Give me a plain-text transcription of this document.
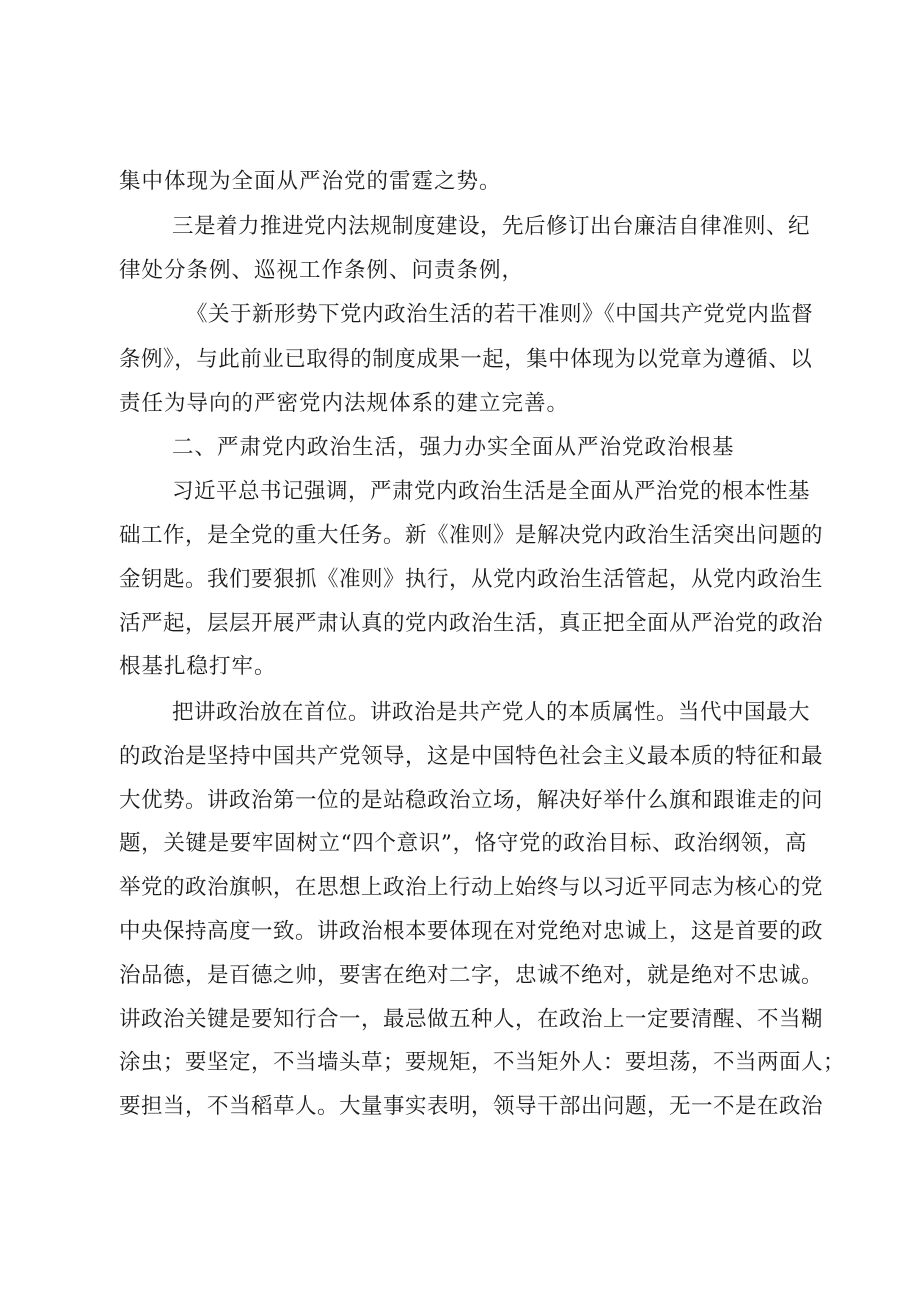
集中体现为全面从严治党的雷霆之势。

三是着力推进党内法规制度建设，先后修订出台廉洁自律准则、纪

律处分条例、巡视工作条例、问责条例，

《关于新形势下党内政治生活的若干准则》《中国共产党党内监督

条例》，与此前业已取得的制度成果一起，集中体现为以党章为遵循、以

责任为导向的严密党内法规体系的建立完善。

二、严肃党内政治生活，强力办实全面从严治党政治根基

习近平总书记强调，严肃党内政治生活是全面从严治党的根本性基

础工作，是全党的重大任务。新《准则》是解决党内政治生活突出问题的

金钥匙。我们要狠抓《准则》执行，从党内政治生活管起，从党内政治生

活严起，层层开展严肃认真的党内政治生活，真正把全面从严治党的政治

根基扎稳打牢。

把讲政治放在首位。讲政治是共产党人的本质属性。当代中国最大

的政治是坚持中国共产党领导，这是中国特色社会主义最本质的特征和最

大优势。讲政治第一位的是站稳政治立场，解决好举什么旗和跟谁走的问

题，关键是要牢固树立“四个意识”，恪守党的政治目标、政治纲领，高

举党的政治旗帜，在思想上政治上行动上始终与以习近平同志为核心的党

中央保持高度一致。讲政治根本要体现在对党绝对忠诚上，这是首要的政

治品德，是百德之帅，要害在绝对二字，忠诚不绝对，就是绝对不忠诚。

讲政治关键是要知行合一，最忌做五种人，在政治上一定要清醒、不当糊

涂虫；要坚定，不当墙头草；要规矩，不当矩外人：要坦荡，不当两面人；

要担当，不当稻草人。大量事实表明，领导干部出问题，无一不是在政治
